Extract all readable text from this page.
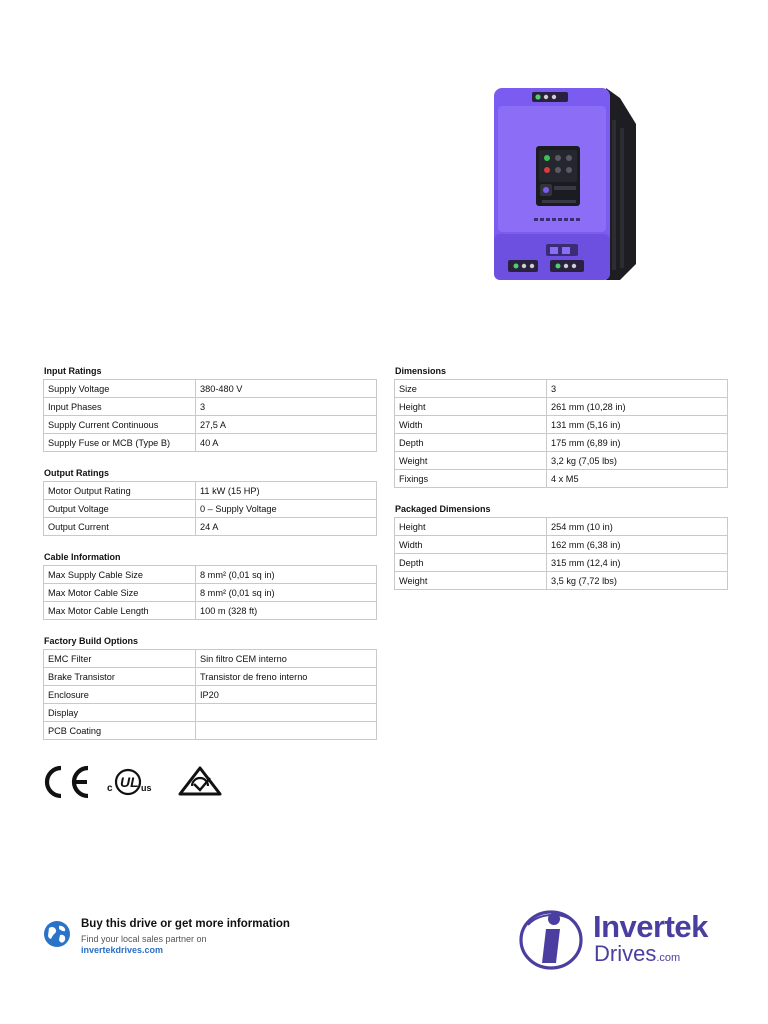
Input Ratings
Supply Voltage	380-480 V
Input Phases	3
Supply Current Continuous	27,5 A
Supply Fuse or MCB (Type B)	40 A
Output Ratings
Motor Output Rating	11 kW (15 HP)
Output Voltage	0 – Supply Voltage
Output Current	24 A
Cable Information
Max Supply Cable Size	8 mm² (0,01 sq in)
Max Motor Cable Size	8 mm² (0,01 sq in)
Max Motor Cable Length	100 m (328 ft)
Factory Build Options
EMC Filter	Sin filtro CEM interno
Brake Transistor	Transistor de freno interno
Enclosure	IP20
Display	
PCB Coating	
Dimensions
Size	3
Height	261 mm (10,28 in)
Width	131 mm (5,16 in)
Depth	175 mm (6,89 in)
Weight	3,2 kg (7,05 lbs)
Fixings	4 x M5
Packaged Dimensions
Height	254 mm (10 in)
Width	162 mm (6,38 in)
Depth	315 mm (12,4 in)
Weight	3,5 kg (7,72 lbs)
c UL us
Buy this drive or get more information
Find your local sales partner on
invertekdrives.com
Invertek
Drives.com
